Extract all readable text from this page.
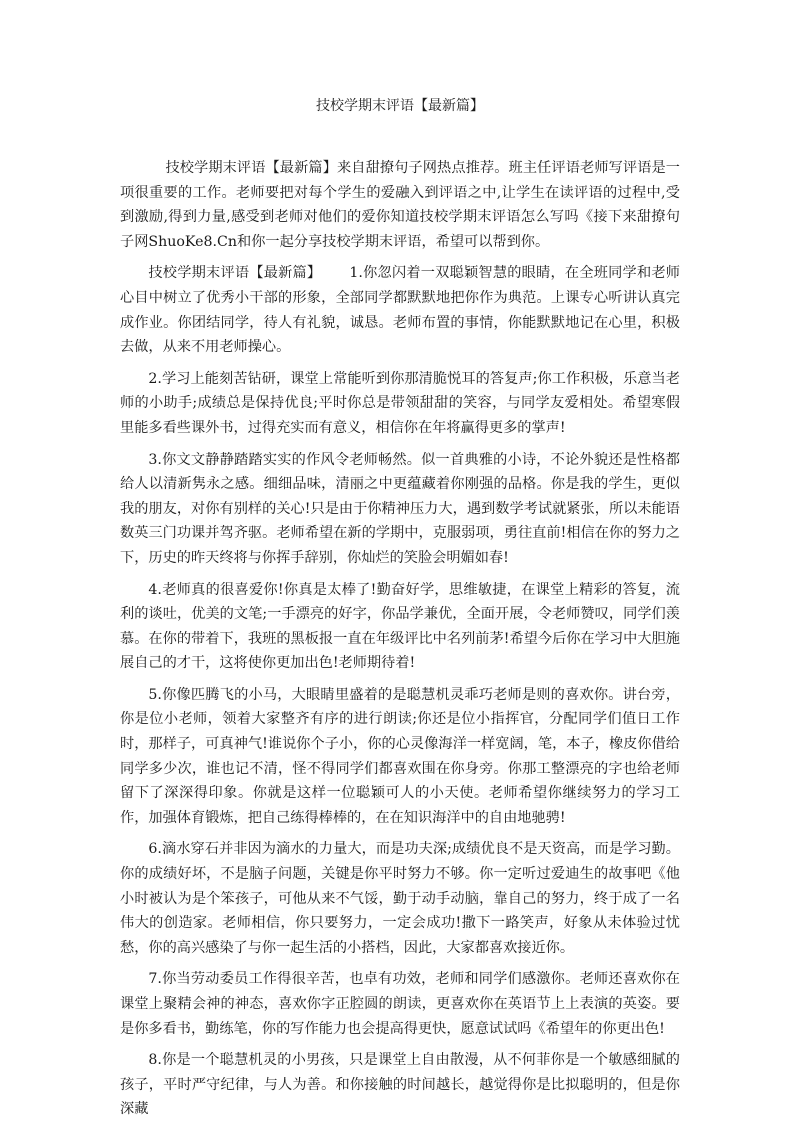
技校学期末评语【最新篇】

技校学期末评语【最新篇】来自甜撩句子网热点推荐。班主任评语老师写评语是一项很重要的工作。老师要把对每个学生的爱融入到评语之中,让学生在读评语的过程中,受到激励,得到力量,感受到老师对他们的爱你知道技校学期末评语怎么写吗《接下来甜撩句子网ShuoKe8.Cn和你一起分享技校学期末评语，希望可以帮到你。

技校学期末评语【最新篇】 1.你忽闪着一双聪颖智慧的眼睛，在全班同学和老师心目中树立了优秀小干部的形象，全部同学都默默地把你作为典范。上课专心听讲认真完成作业。你团结同学，待人有礼貌，诚恳。老师布置的事情，你能默默地记在心里，积极去做，从来不用老师操心。

2.学习上能刻苦钻研，课堂上常能听到你那清脆悦耳的答复声;你工作积极，乐意当老师的小助手;成绩总是保持优良;平时你总是带领甜甜的笑容，与同学友爱相处。希望寒假里能多看些课外书，过得充实而有意义，相信你在年将赢得更多的掌声!

3.你文文静静踏踏实实的作风令老师畅然。似一首典雅的小诗，不论外貌还是性格都给人以清新隽永之感。细细品味，清丽之中更蕴藏着你刚强的品格。你是我的学生，更似我的朋友，对你有别样的关心!只是由于你精神压力大，遇到数学考试就紧张，所以未能语数英三门功课并驾齐驱。老师希望在新的学期中，克服弱项，勇往直前!相信在你的努力之下，历史的昨天终将与你挥手辞别，你灿烂的笑脸会明媚如春!

4.老师真的很喜爱你!你真是太棒了!勤奋好学，思维敏捷，在课堂上精彩的答复，流利的谈吐，优美的文笔;一手漂亮的好字，你品学兼优，全面开展，令老师赞叹，同学们羡慕。在你的带着下，我班的黑板报一直在年级评比中名列前茅!希望今后你在学习中大胆施展自己的才干，这将使你更加出色!老师期待着!

5.你像匹腾飞的小马，大眼睛里盛着的是聪慧机灵乖巧老师是则的喜欢你。讲台旁，你是位小老师，领着大家整齐有序的进行朗读;你还是位小指挥官，分配同学们值日工作时，那样子，可真神气!谁说你个子小，你的心灵像海洋一样宽阔，笔，本子，橡皮你借给同学多少次，谁也记不清，怪不得同学们都喜欢围在你身旁。你那工整漂亮的字也给老师留下了深深得印象。你就是这样一位聪颖可人的小天使。老师希望你继续努力的学习工作，加强体育锻炼，把自己练得棒棒的，在在知识海洋中的自由地驰骋!

6.滴水穿石并非因为滴水的力量大，而是功夫深;成绩优良不是天资高，而是学习勤。你的成绩好坏，不是脑子问题，关键是你平时努力不够。你一定听过爱迪生的故事吧《他小时被认为是个笨孩子，可他从来不气馁，勤于动手动脑，靠自己的努力，终于成了一名伟大的创造家。老师相信，你只要努力，一定会成功!撒下一路笑声，好象从未体验过忧愁，你的高兴感染了与你一起生活的小搭档，因此，大家都喜欢接近你。

7.你当劳动委员工作得很辛苦，也卓有功效，老师和同学们感激你。老师还喜欢你在课堂上聚精会神的神态，喜欢你字正腔圆的朗读，更喜欢你在英语节上上表演的英姿。要是你多看书，勤练笔，你的写作能力也会提高得更快，愿意试试吗《希望年的你更出色!

8.你是一个聪慧机灵的小男孩，只是课堂上自由散漫，从不何菲你是一个敏感细腻的孩子，平时严守纪律，与人为善。和你接触的时间越长，越觉得你是比拟聪明的，但是你深藏
